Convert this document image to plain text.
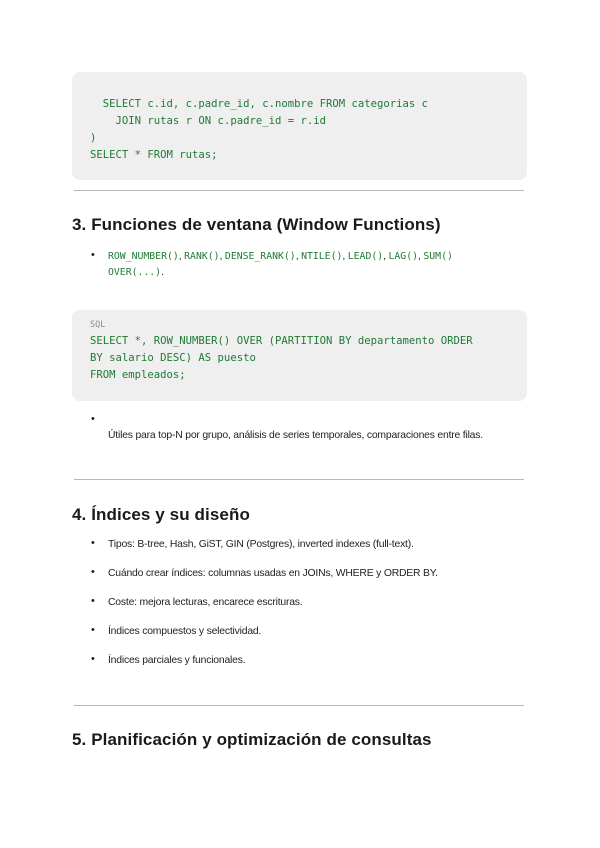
SELECT c.id, c.padre_id, c.nombre FROM categorias c
JOIN rutas r ON c.padre_id = r.id
)
SELECT * FROM rutas;
3. Funciones de ventana (Window Functions)
• ROW_NUMBER(), RANK(), DENSE_RANK(), NTILE(), LEAD(), LAG(), SUM()
OVER(...).
SQL
SELECT *, ROW_NUMBER() OVER (PARTITION BY departamento ORDER
BY salario DESC) AS puesto
FROM empleados;
•
Útiles para top-N por grupo, análisis de series temporales, comparaciones entre filas.
4. Índices y su diseño
• Tipos: B-tree, Hash, GiST, GIN (Postgres), inverted indexes (full-text).
• Cuándo crear índices: columnas usadas en JOINs, WHERE y ORDER BY.
• Coste: mejora lecturas, encarece escrituras.
• Índices compuestos y selectividad.
• Índices parciales y funcionales.
5. Planificación y optimización de consultas
